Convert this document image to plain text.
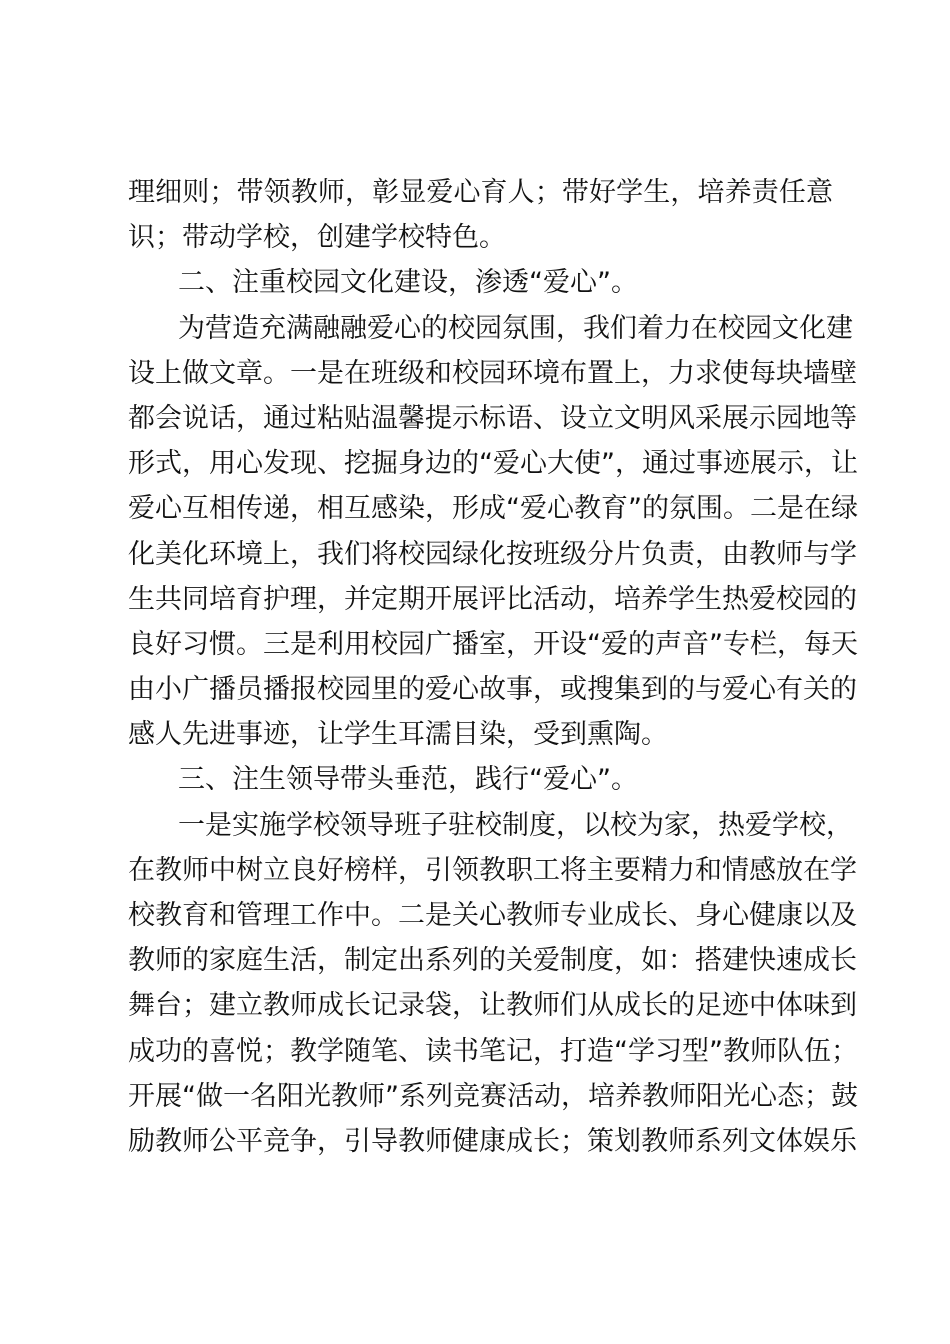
理细则；带领教师，彰显爱心育人；带好学生，培养责任意
识；带动学校，创建学校特色。
二、注重校园文化建设，渗透“爱心”。
为营造充满融融爱心的校园氛围，我们着力在校园文化建
设上做文章。一是在班级和校园环境布置上，力求使每块墙壁
都会说话，通过粘贴温馨提示标语、设立文明风采展示园地等
形式，用心发现、挖掘身边的“爱心大使”，通过事迹展示，让
爱心互相传递，相互感染，形成“爱心教育”的氛围。二是在绿
化美化环境上，我们将校园绿化按班级分片负责，由教师与学
生共同培育护理，并定期开展评比活动，培养学生热爱校园的
良好习惯。三是利用校园广播室，开设“爱的声音”专栏，每天
由小广播员播报校园里的爱心故事，或搜集到的与爱心有关的
感人先进事迹，让学生耳濡目染，受到熏陶。
三、注生领导带头垂范，践行“爱心”。
一是实施学校领导班子驻校制度，以校为家，热爱学校，
在教师中树立良好榜样，引领教职工将主要精力和情感放在学
校教育和管理工作中。二是关心教师专业成长、身心健康以及
教师的家庭生活，制定出系列的关爱制度，如：搭建快速成长
舞台；建立教师成长记录袋，让教师们从成长的足迹中体味到
成功的喜悦；教学随笔、读书笔记，打造“学习型”教师队伍；
开展“做一名阳光教师”系列竞赛活动，培养教师阳光心态；鼓
励教师公平竞争，引导教师健康成长；策划教师系列文体娱乐
